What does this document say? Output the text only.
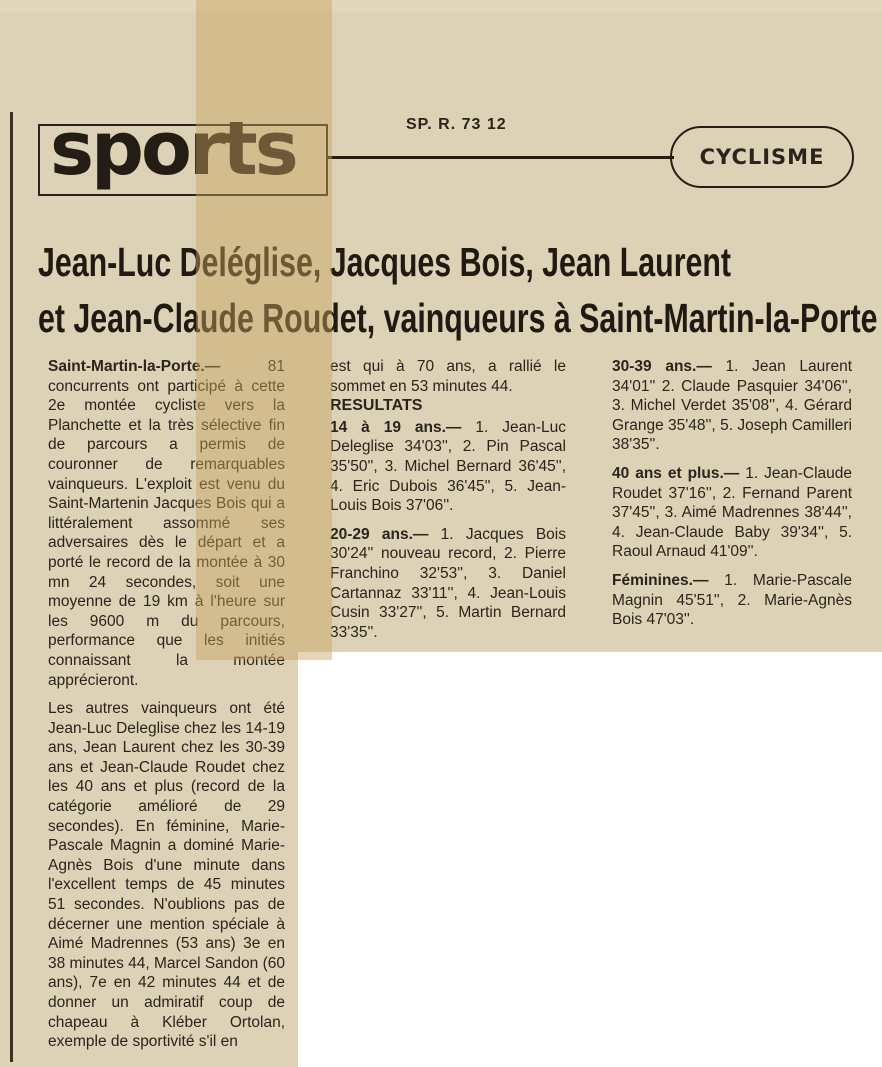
sports	SP. R. 73 12
CYCLISME
Jean-Luc Deléglise, Jacques Bois, Jean Laurent
et Jean-Claude Roudet, vainqueurs à Saint-Martin-la-Porte

Saint-Martin-la-Porte.— 81 concurrents ont participé à cette 2e montée cycliste vers la Planchette et la très sélective fin de parcours a permis de couronner de remarquables vainqueurs. L'exploit est venu du Saint-Martenin Jacques Bois qui a littéralement assommé ses adversaires dès le départ et a porté le record de la montée à 30 mn 24 secondes, soit une moyenne de 19 km à l'heure sur les 9600 m du parcours, performance que les initiés connaissant la montée apprécieront.

Les autres vainqueurs ont été Jean-Luc Deleglise chez les 14-19 ans, Jean Laurent chez les 30-39 ans et Jean-Claude Roudet chez les 40 ans et plus (record de la catégorie amélioré de 29 secondes). En féminine, Marie-Pascale Magnin a dominé Marie-Agnès Bois d'une minute dans l'excellent temps de 45 minutes 51 secondes. N'oublions pas de décerner une mention spéciale à Aimé Madrennes (53 ans) 3e en 38 minutes 44, Marcel Sandon (60 ans), 7e en 42 minutes 44 et de donner un admiratif coup de chapeau à Kléber Ortolan, exemple de sportivité s'il en

est qui à 70 ans, a rallié le sommet en 53 minutes 44.

RESULTATS

14 à 19 ans.— 1. Jean-Luc Deleglise 34'03'', 2. Pin Pascal 35'50'', 3. Michel Bernard 36'45'', 4. Eric Dubois 36'45'', 5. Jean-Louis Bois 37'06''.

20-29 ans.— 1. Jacques Bois 30'24'' nouveau record, 2. Pierre Franchino 32'53'', 3. Daniel Cartannaz 33'11'', 4. Jean-Louis Cusin 33'27'', 5. Martin Bernard 33'35''.

30-39 ans.— 1. Jean Laurent 34'01'' 2. Claude Pasquier 34'06'', 3. Michel Verdet 35'08'', 4. Gérard Grange 35'48'', 5. Joseph Camilleri 38'35''.

40 ans et plus.— 1. Jean-Claude Roudet 37'16'', 2. Fernand Parent 37'45'', 3. Aimé Madrennes 38'44'', 4. Jean-Claude Baby 39'34'', 5. Raoul Arnaud 41'09''.

Féminines.— 1. Marie-Pascale Magnin 45'51'', 2. Marie-Agnès Bois 47'03''.
